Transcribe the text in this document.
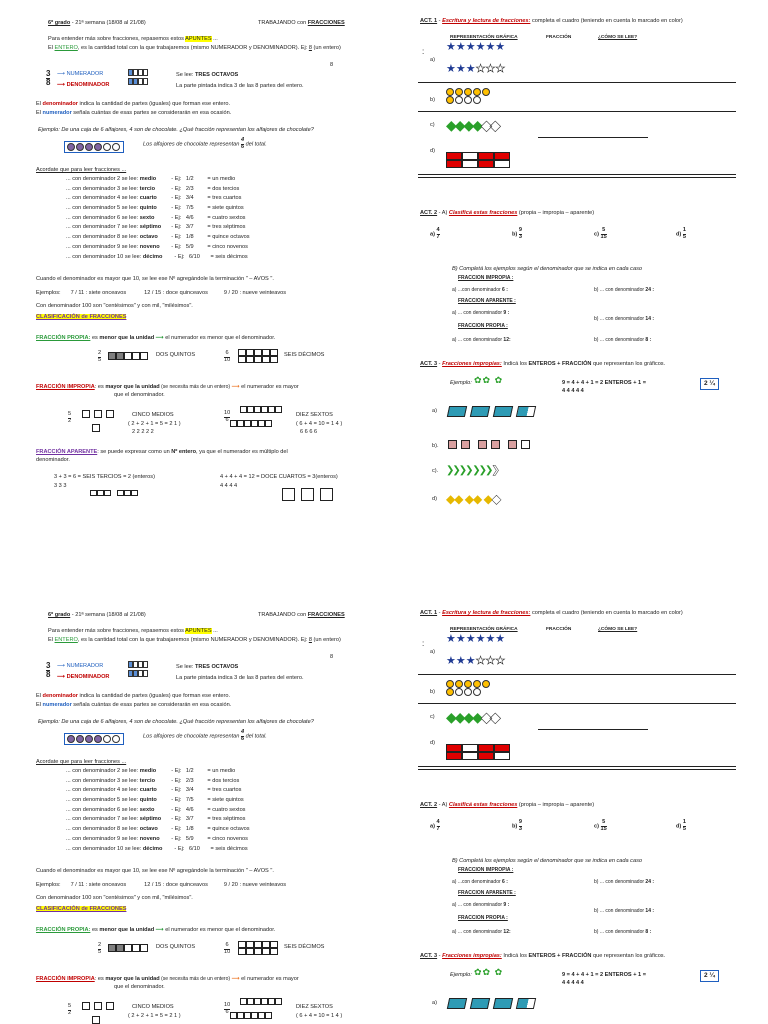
6º grado - 21ª semana (18/08 al 21/08)	TRABAJANDO con FRACCIONES
Para entender más sobre fracciones, repasemos estos APUNTES ...
El ENTERO, es la cantidad total con la que trabajaremos (mismo NUMERADOR y DENOMINADOR). Ej: 8 (un entero)
8
$\frac{3}{8}$ ⟶ NUMERADOR
⟶ DENOMINADOR
Se lee: TRES OCTAVOS
La parte pintada indica 3 de las 8 partes del entero.
El denominador indica la cantidad de partes (iguales) que forman ese entero.
El numerador señala cuántas de esas partes se considerarán en esa ocasión.
Ejemplo: De una caja de 6 alfajores, 4 son de chocolate. ¿Qué fracción representan los alfajores de chocolate?
Los alfajores de chocolate representan $\frac{4}{6}$ del total.
Acordate que para leer fracciones ...
... con denominador 2 se lee: medio - Ej: 1/2 = un medio
... con denominador 3 se lee: tercio	- Ej: 2/3 = dos tercios
... con denominador 4 se lee: cuarto - Ej: 3/4 = tres cuartos
... con denominador 5 se lee: quinto - Ej: 7/5 = siete quintos
... con denominador 6 se lee: sexto	- Ej: 4/6 = cuatro sextos
... con denominador 7 se lee: séptimo - Ej: 3/7 = tres séptimos
... con denominador 8 se lee: octavo - Ej: 1/8 = quince octavos
... con denominador 9 se lee: noveno - Ej: 5/9 = cinco novenos
... con denominador 10 se lee: décimo - Ej: 6/10 = seis décimos
Cuando el denominador es mayor que 10, se lee ese Nº agregándole la terminación " – AVOS ".
Ejemplos: 7 / 11 : siete onceavos	12 / 15 : doce quinceavos	9 / 20 : nueve veinteavos
Con denominador 100 son "centésimos" y con mil, "milésimos".
CLASIFICACIÓN de FRACCIONES
FRACCIÓN PROPIA: es menor que la unidad ⟶ el numerador es menor que el denominador.
$\frac{2}{5}$	DOS QUINTOS	$\frac{6}{10}$	SEIS DÉCIMOS
FRACCIÓN IMPROPIA: es mayor que la unidad (se necesita más de un entero) ⟶ el numerador es mayor
que el denominador.
$\frac{5}{2}$	CINCO MEDIOS
( 2 + 2 + 1 = 5 = 2 1 )
2 2 2 2 2
$\frac{10}{6}$	DIEZ SEXTOS
( 6 + 4 = 10 = 1 4 )
6 6 6 6
FRACCIÓN APARENTE: se puede expresar como un Nº entero, ya que el numerador es múltiplo del
denominador.
3 + 3 = 6 = SEIS TERCIOS = 2 (enteros)
3 3 3
4 + 4 + 4 = 12 = DOCE CUARTOS = 3(enteros)
4 4 4 4
ACT. 1 - Escritura y lectura de fracciones: completa el cuadro (teniendo en cuenta lo marcado en color)
REPRESENTACIÓN GRÁFICA	FRACCIÓN	¿CÓMO SE LEE?
: ★★★★★★
a)
★★★★★★
b)
c) ◆◆◆◆◆◆
d)
ACT. 2 - A) Clasificá estas fracciones (propia – impropia – aparente)
$a) \frac{4}{7}$	$b) \frac{9}{3}$	$c) \frac{5}{15}$	$d) \frac{1}{5}$
B) Completá los ejemplos según el denominador que se indica en cada caso
FRACCION IMPROPIA :
a) ...con denominador 6 :	b) ... con denominador 24 :
FRACCION APARENTE :
a) ... con denominador 9 :
b) ... con denominador 14 :
FRACCION PROPIA :
a) ... con denominador 12:	b) ... con denominador 8 :
ACT. 3 - Fracciones impropias: Indicá los ENTEROS + FRACCIÓN que representan los gráficos.
Ejemplo: ✿✿ ✿	9 = 4 + 4 + 1 = 2 ENTEROS + 1 =
4 4 4 4 4
2 ¼
a)
b).
c). ❯❯❯❯ ❯❯❯❯
d) ◆◆ ◆◆ ◆◆
6º grado - 21ª semana (18/08 al 21/08)	TRABAJANDO con FRACCIONES
Para entender más sobre fracciones, repasemos estos APUNTES ...
El ENTERO, es la cantidad total con la que trabajaremos (mismo NUMERADOR y DENOMINADOR). Ej: 8 (un entero)
8
$\frac{3}{8}$ ⟶ NUMERADOR
⟶ DENOMINADOR
Se lee: TRES OCTAVOS
La parte pintada indica 3 de las 8 partes del entero.
El denominador indica la cantidad de partes (iguales) que forman ese entero.
El numerador señala cuántas de esas partes se considerarán en esa ocasión.
Ejemplo: De una caja de 6 alfajores, 4 son de chocolate. ¿Qué fracción representan los alfajores de chocolate?
Los alfajores de chocolate representan $\frac{4}{6}$ del total.
Acordate que para leer fracciones ...
... con denominador 2 se lee: medio - Ej: 1/2 = un medio
... con denominador 3 se lee: tercio	- Ej: 2/3 = dos tercios
... con denominador 4 se lee: cuarto - Ej: 3/4 = tres cuartos
... con denominador 5 se lee: quinto - Ej: 7/5 = siete quintos
... con denominador 6 se lee: sexto	- Ej: 4/6 = cuatro sextos
... con denominador 7 se lee: séptimo - Ej: 3/7 = tres séptimos
... con denominador 8 se lee: octavo - Ej: 1/8 = quince octavos
... con denominador 9 se lee: noveno - Ej: 5/9 = cinco novenos
... con denominador 10 se lee: décimo - Ej: 6/10 = seis décimos
Cuando el denominador es mayor que 10, se lee ese Nº agregándole la terminación " – AVOS ".
Ejemplos: 7 / 11 : siete onceavos	12 / 15 : doce quinceavos	9 / 20 : nueve veinteavos
Con denominador 100 son "centésimos" y con mil, "milésimos".
CLASIFICACIÓN de FRACCIONES
FRACCIÓN PROPIA: es menor que la unidad ⟶ el numerador es menor que el denominador.
$\frac{2}{5}$	DOS QUINTOS	$\frac{6}{10}$	SEIS DÉCIMOS
FRACCIÓN IMPROPIA: es mayor que la unidad (se necesita más de un entero) ⟶ el numerador es mayor
que el denominador.
$\frac{5}{2}$	CINCO MEDIOS
( 2 + 2 + 1 = 5 = 2 1 )
$\frac{10}{6}$	DIEZ SEXTOS
( 6 + 4 = 10 = 1 4 )
ACT. 1 - Escritura y lectura de fracciones: completa el cuadro (teniendo en cuenta lo marcado en color)
REPRESENTACIÓN GRÁFICA	FRACCIÓN	¿CÓMO SE LEE?
: ★★★★★★
a)
★★★★★★
b)
c) ◆◆◆◆◆◆
d)
ACT. 2 - A) Clasificá estas fracciones (propia – impropia – aparente)
$a) \frac{4}{7}$	$b) \frac{9}{3}$	$c) \frac{5}{15}$	$d) \frac{1}{5}$
B) Completá los ejemplos según el denominador que se indica en cada caso
FRACCION IMPROPIA :
a) ...con denominador 6 :	b) ... con denominador 24 :
FRACCION APARENTE :
a) ... con denominador 9 :
b) ... con denominador 14 :
FRACCION PROPIA :
a) ... con denominador 12:	b) ... con denominador 8 :
ACT. 3 - Fracciones impropias: Indicá los ENTEROS + FRACCIÓN que representan los gráficos.
Ejemplo: ✿✿ ✿	9 = 4 + 4 + 1 = 2 ENTEROS + 1 =
4 4 4 4 4
2 ¼
a)
